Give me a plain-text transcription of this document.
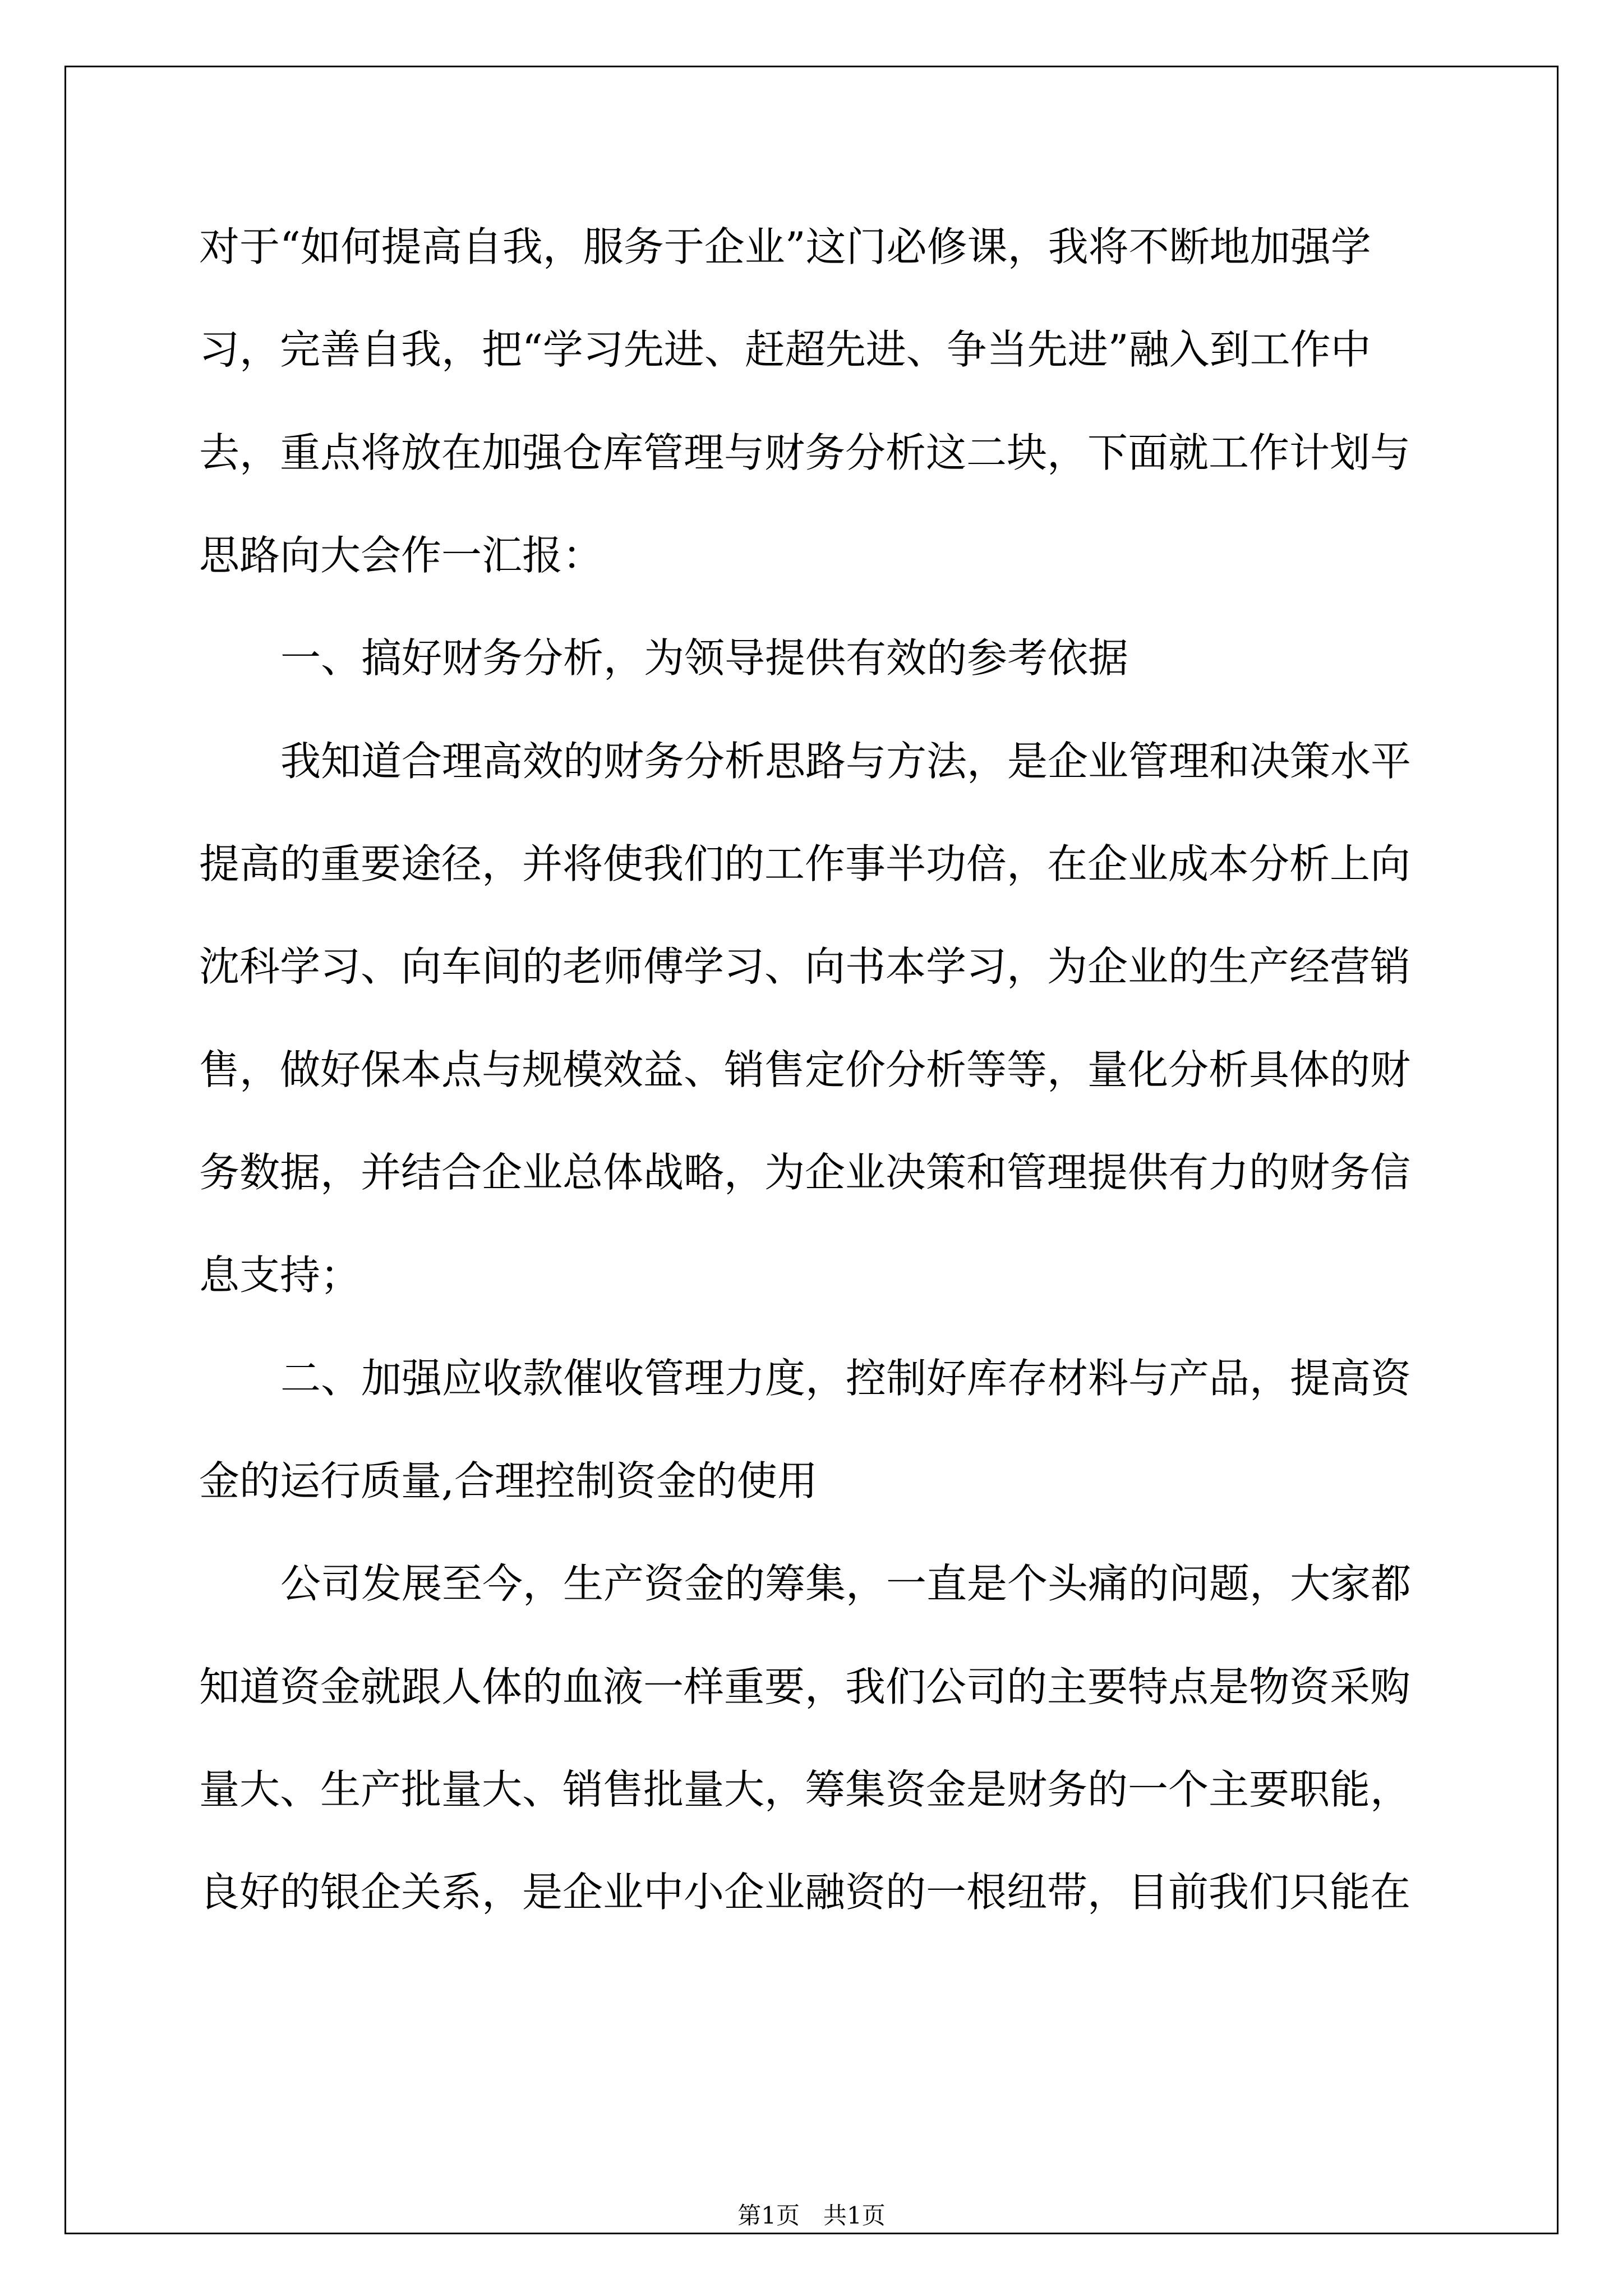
对于“如何提高自我，服务于企业”这门必修课，我将不断地加强学
习，完善自我，把“学习先进、赶超先进、争当先进”融入到工作中
去，重点将放在加强仓库管理与财务分析这二块，下面就工作计划与
思路向大会作一汇报：
一、搞好财务分析，为领导提供有效的参考依据
我知道合理高效的财务分析思路与方法，是企业管理和决策水平
提高的重要途径，并将使我们的工作事半功倍，在企业成本分析上向
沈科学习、向车间的老师傅学习、向书本学习，为企业的生产经营销
售，做好保本点与规模效益、销售定价分析等等，量化分析具体的财
务数据，并结合企业总体战略，为企业决策和管理提供有力的财务信
息支持；
二、加强应收款催收管理力度，控制好库存材料与产品，提高资
金的运行质量,合理控制资金的使用
公司发展至今，生产资金的筹集，一直是个头痛的问题，大家都
知道资金就跟人体的血液一样重要，我们公司的主要特点是物资采购
量大、生产批量大、销售批量大，筹集资金是财务的一个主要职能，
良好的银企关系，是企业中小企业融资的一根纽带，目前我们只能在
第1页　共1页
